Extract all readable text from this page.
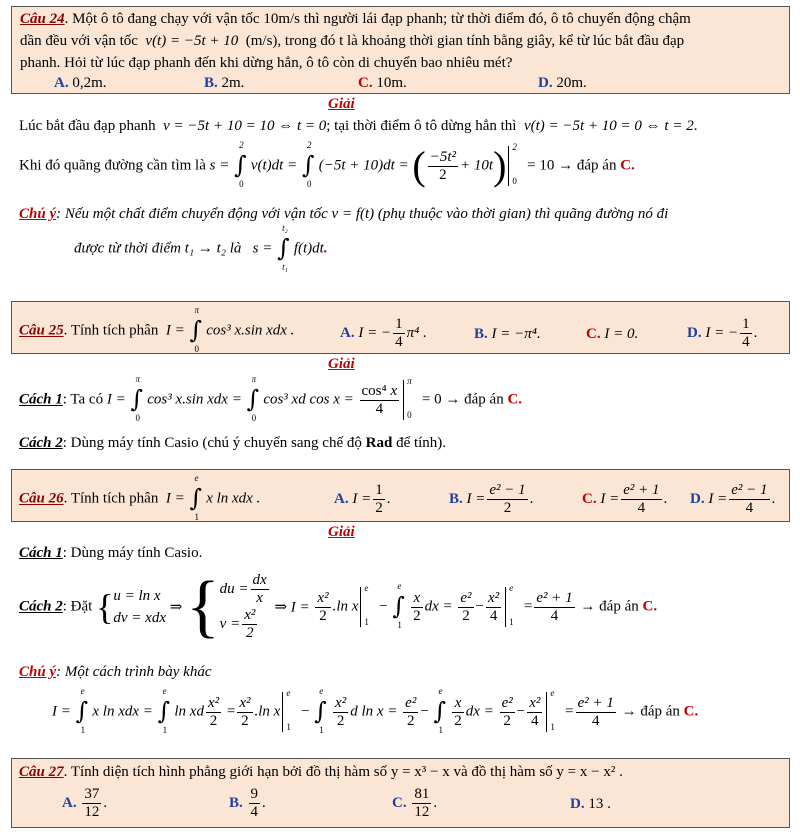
Câu 24. Một ô tô đang chạy với vận tốc 10m/s thì người lái đạp phanh; từ thời điểm đó, ô tô chuyển động chậm
dần đều với vận tốc v(t) = −5t + 10 (m/s), trong đó t là khoảng thời gian tính bằng giây, kể từ lúc bắt đầu đạp
phanh. Hỏi từ lúc đạp phanh đến khi dừng hẳn, ô tô còn di chuyển bao nhiêu mét?
A. 0,2m.	B. 2m.	C. 10m.	D. 20m.
Giải
Lúc bắt đầu đạp phanh v = −5t + 10 = 10 ⇔ t = 0; tại thời điểm ô tô dừng hẳn thì v(t) = −5t + 10 = 0 ⇔ t = 2.
Khi đó quãng đường cần tìm là s =
2
∫
0
v(t)dt =
2
∫
0
(−5t + 10)dt = ( $\frac{\text{−5t²}}{2} + 10t$) 2
0
= 10 → đáp án C.
Chú ý: Nếu một chất điểm chuyển động với vận tốc v = f(t) (phụ thuộc vào thời gian) thì quãng đường nó đi
được từ thời điểm t₁ → t₂ là   s =
t₂
∫
t₁
f(t)dt.
Câu 25. Tính tích phân  I =
π
∫
0
cos³ x.sin xdx .	A. I = − $\frac{1}{4} \pi^4$ .	B. I = −π⁴.	C. I = 0.	D. I = − $\frac{1}{4}$ .
Giải
Cách 1: Ta có I =
π
∫
0
cos³ x.sin xdx =
π
∫
0
cos³ xd $\cos x = \frac{\text{cos⁴ x}}{4}$
π
0
= 0 → đáp án C.
Cách 2: Dùng máy tính Casio (chú ý chuyển sang chế độ Rad để tính).
Câu 26. Tính tích phân  I =
e
∫
1
x ln xdx .	A. $I = \frac{1}{2}$ .	B. $I = \frac{\text{e² − 1}}{2}$ .	C. $I = \frac{\text{e² + 1}}{4}$ . D. $I = \frac{\text{e² − 1}}{4}$ .
Giải
Cách 1: Dùng máy tính Casio.
Cách 2: Đặt { u = ln x
dv = xdx
⇒ { du = $\frac{dx}{x}$
$v = \frac{\text{x²}}{2}$ ⇒ $I = \frac{\text{x²}}{2} .\ln$ x
e
1
−
e
∫
1

$\frac{x}{2}$ dx = $\frac{\text{e²}}{2} - \frac{\text{x²}}{4}$
e
1
= $\frac{\text{e² + 1}}{4}$ → đáp án C.
Chú ý: Một cách trình bày khác
I =
e
∫
1
x ln xdx =
e
∫
1
ln xd $\frac{\text{x²}}{2} = \frac{\text{x²}}{2} .\ln$ x
e
1
−
e
∫
1

$\frac{\text{x²}}{2}$ d $\ln x = \frac{\text{e²}}{2}$ −
e
∫
1

$\frac{x}{2}$ dx = $\frac{\text{e²}}{2} - \frac{\text{x²}}{4}$
e
1
= $\frac{\text{e² + 1}}{4}$ → đáp án C.
Câu 27. Tính diện tích hình phẳng giới hạn bởi đồ thị hàm số y = x³ − x và đồ thị hàm số y = x − x² .
A. $\frac{37}{12}$ .	B. $\frac{9}{4}$ .	C. $\frac{81}{12}$ .	D. 13 .
